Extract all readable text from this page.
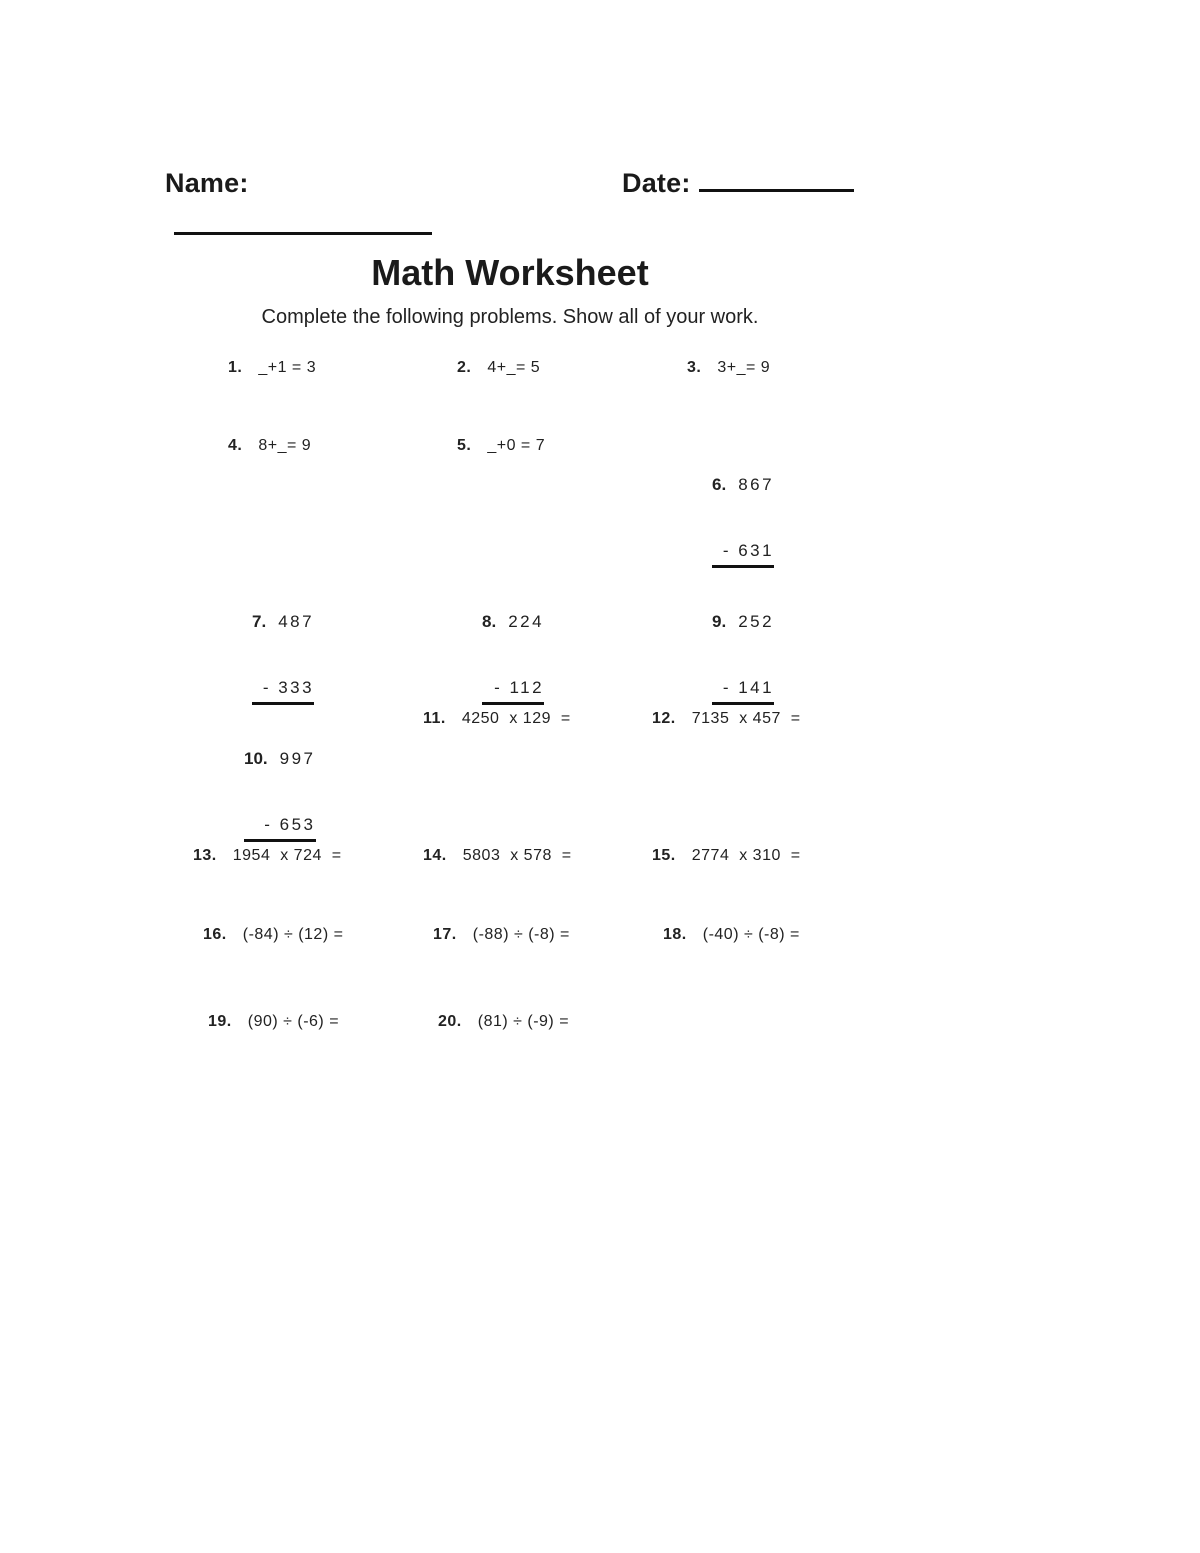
Name:	Date:
Math Worksheet
Complete the following problems. Show all of your work.
1. _+1 = 3	2. 4+_= 5	3. 3+_= 9
4. 8+_= 9	5. _+0 = 7

6. 867

- 631

7. 487

- 333

8. 224

- 112

9. 252

- 141

10. 997

- 653

11. 4250  x 129  =	12. 7135  x 457  =
13. 1954  x 724  =	14. 5803  x 578  =	15. 2774  x 310  =
16. (-84) ÷ (12) =	17. (-88) ÷ (-8) =	18. (-40) ÷ (-8) =
19. (90) ÷ (-6) =	20. (81) ÷ (-9) =
